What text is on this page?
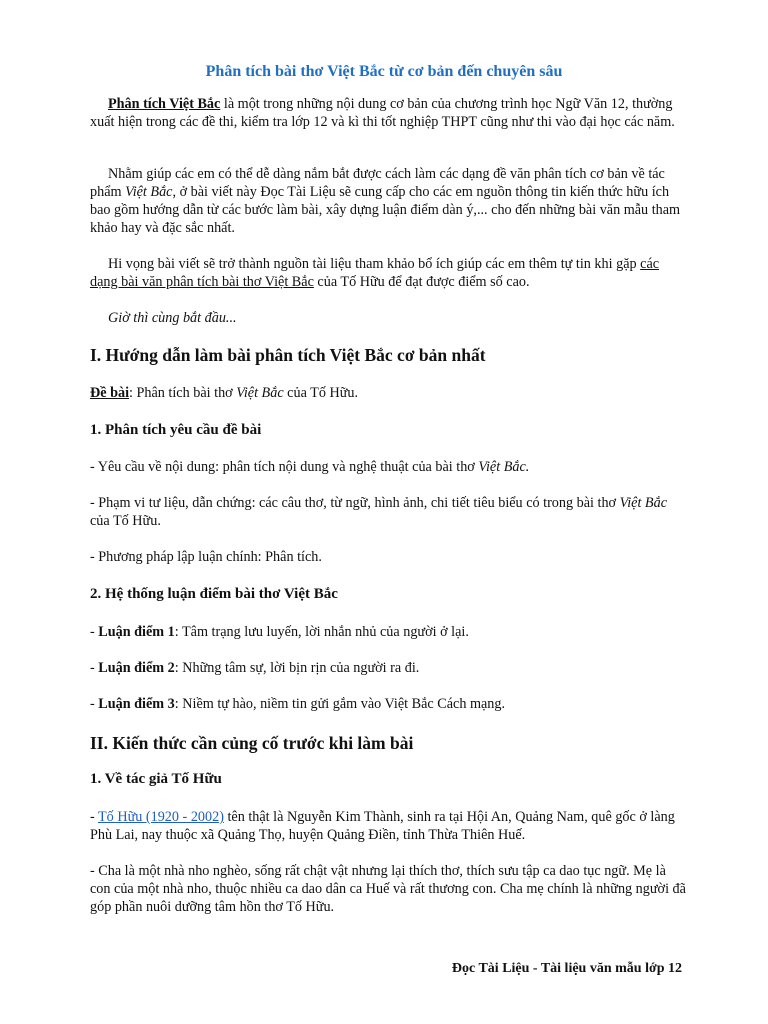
Phân tích bài thơ Việt Bắc từ cơ bản đến chuyên sâu

Phân tích Việt Bắc là một trong những nội dung cơ bản của chương trình học Ngữ Văn 12, thường xuất hiện trong các đề thi, kiểm tra lớp 12 và kì thi tốt nghiệp THPT cũng như thi vào đại học các năm.

Nhằm giúp các em có thể dễ dàng nắm bắt được cách làm các dạng đề văn phân tích cơ bản về tác phẩm Việt Bắc, ở bài viết này Đọc Tài Liệu sẽ cung cấp cho các em nguồn thông tin kiến thức hữu ích bao gồm hướng dẫn từ các bước làm bài, xây dựng luận điểm dàn ý,... cho đến những bài văn mẫu tham khảo hay và đặc sắc nhất.

Hi vọng bài viết sẽ trở thành nguồn tài liệu tham khảo bổ ích giúp các em thêm tự tin khi gặp các dạng bài văn phân tích bài thơ Việt Bắc của Tố Hữu để đạt được điểm số cao.

Giờ thì cùng bắt đầu...

I. Hướng dẫn làm bài phân tích Việt Bắc cơ bản nhất

Đề bài: Phân tích bài thơ Việt Bắc của Tố Hữu.

1. Phân tích yêu cầu đề bài

- Yêu cầu về nội dung: phân tích nội dung và nghệ thuật của bài thơ Việt Bắc.

- Phạm vi tư liệu, dẫn chứng: các câu thơ, từ ngữ, hình ảnh, chi tiết tiêu biểu có trong bài thơ Việt Bắc của Tố Hữu.

- Phương pháp lập luận chính: Phân tích.

2. Hệ thống luận điểm bài thơ Việt Bắc

- Luận điểm 1: Tâm trạng lưu luyến, lời nhắn nhủ của người ở lại.

- Luận điểm 2: Những tâm sự, lời bịn rịn của người ra đi.

- Luận điểm 3: Niềm tự hào, niềm tin gửi gắm vào Việt Bắc Cách mạng.

II. Kiến thức cần củng cố trước khi làm bài

1. Về tác giả Tố Hữu

- Tố Hữu (1920 - 2002) tên thật là Nguyễn Kim Thành, sinh ra tại Hội An, Quảng Nam, quê gốc ở làng Phù Lai, nay thuộc xã Quảng Thọ, huyện Quảng Điền, tỉnh Thừa Thiên Huế.

- Cha là một nhà nho nghèo, sống rất chật vật nhưng lại thích thơ, thích sưu tập ca dao tục ngữ. Mẹ là con của một nhà nho, thuộc nhiều ca dao dân ca Huế và rất thương con. Cha mẹ chính là những người đã góp phần nuôi dưỡng tâm hồn thơ Tố Hữu.

Đọc Tài Liệu - Tài liệu văn mẫu lớp 12
